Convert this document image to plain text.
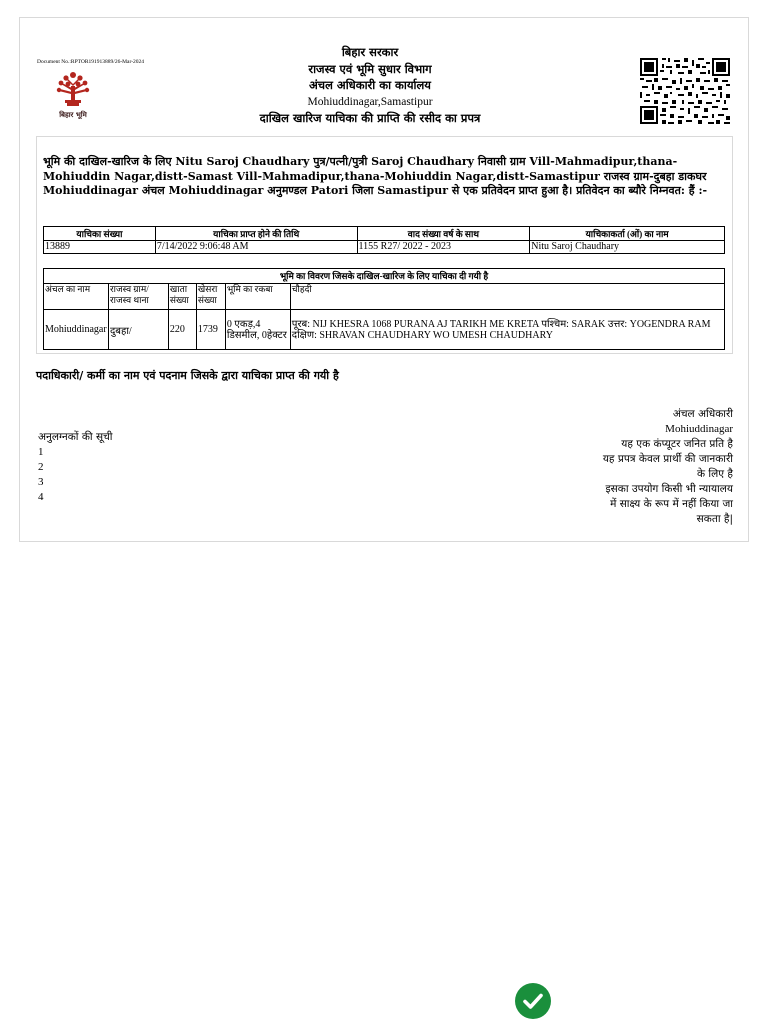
Document No.:RPTOR191913889/26-Mar-2024
बिहार भूमि
बिहार सरकार
राजस्व एवं भूमि सुधार विभाग
अंचल अधिकारी का कार्यालय
Mohiuddinagar,Samastipur
दाखिल खारिज याचिका की प्राप्ति की रसीद का प्रपत्र
भूमि की दाखिल-खारिज के लिए Nitu Saroj Chaudhary पुत्र/पत्नी/पुत्री Saroj Chaudhary निवासी ग्राम Vill-Mahmadipur,thana-Mohiuddin Nagar,distt-Samast Vill-Mahmadipur,thana-Mohiuddin Nagar,distt-Samastipur राजस्व ग्राम-दुबहा डाकघर Mohiuddinagar अंचल Mohiuddinagar अनुमण्डल Patori जिला Samastipur से एक प्रतिवेदन प्राप्त हुआ है। प्रतिवेदन का ब्यौरे निम्नवत: हैं :-
याचिका संख्या	याचिका प्राप्त होने की तिथि	वाद संख्या वर्ष के साथ	याचिकाकर्ता (ओं) का नाम
13889	7/14/2022 9:06:48 AM	1155 R27/ 2022 - 2023	Nitu Saroj Chaudhary
भूमि का विवरण जिसके दाखिल-खारिज के लिए याचिका दी गयी है					
अंचल का नाम	राजस्व ग्राम/ राजस्व थाना	खाता संख्या	खेसरा संख्या	भूमि का रकबा	चौहदी
Mohiuddinagar	दुबहा/	220	1739	0 एकड़,4 डिसमील, 0हेक्टर	पूरब: NIJ KHESRA 1068 PURANA AJ TARIKH ME KRETA पश्चिम: SARAK उत्तर: YOGENDRA RAM दक्षिण: SHRAVAN CHAUDHARY WO UMESH CHAUDHARY
पदाधिकारी/ कर्मी का नाम एवं पदनाम जिसके द्वारा याचिका प्राप्त की गयी है
अंचल अधिकारी
Mohiuddinagar
यह एक कंप्यूटर जनित प्रति है
यह प्रपत्र केवल प्रार्थी की जानकारी
के लिए है
इसका उपयोग किसी भी न्यायालय
में साक्ष्य के रूप में नहीं किया जा
सकता है|
अनुलग्नकों की सूची
1
2
3
4
